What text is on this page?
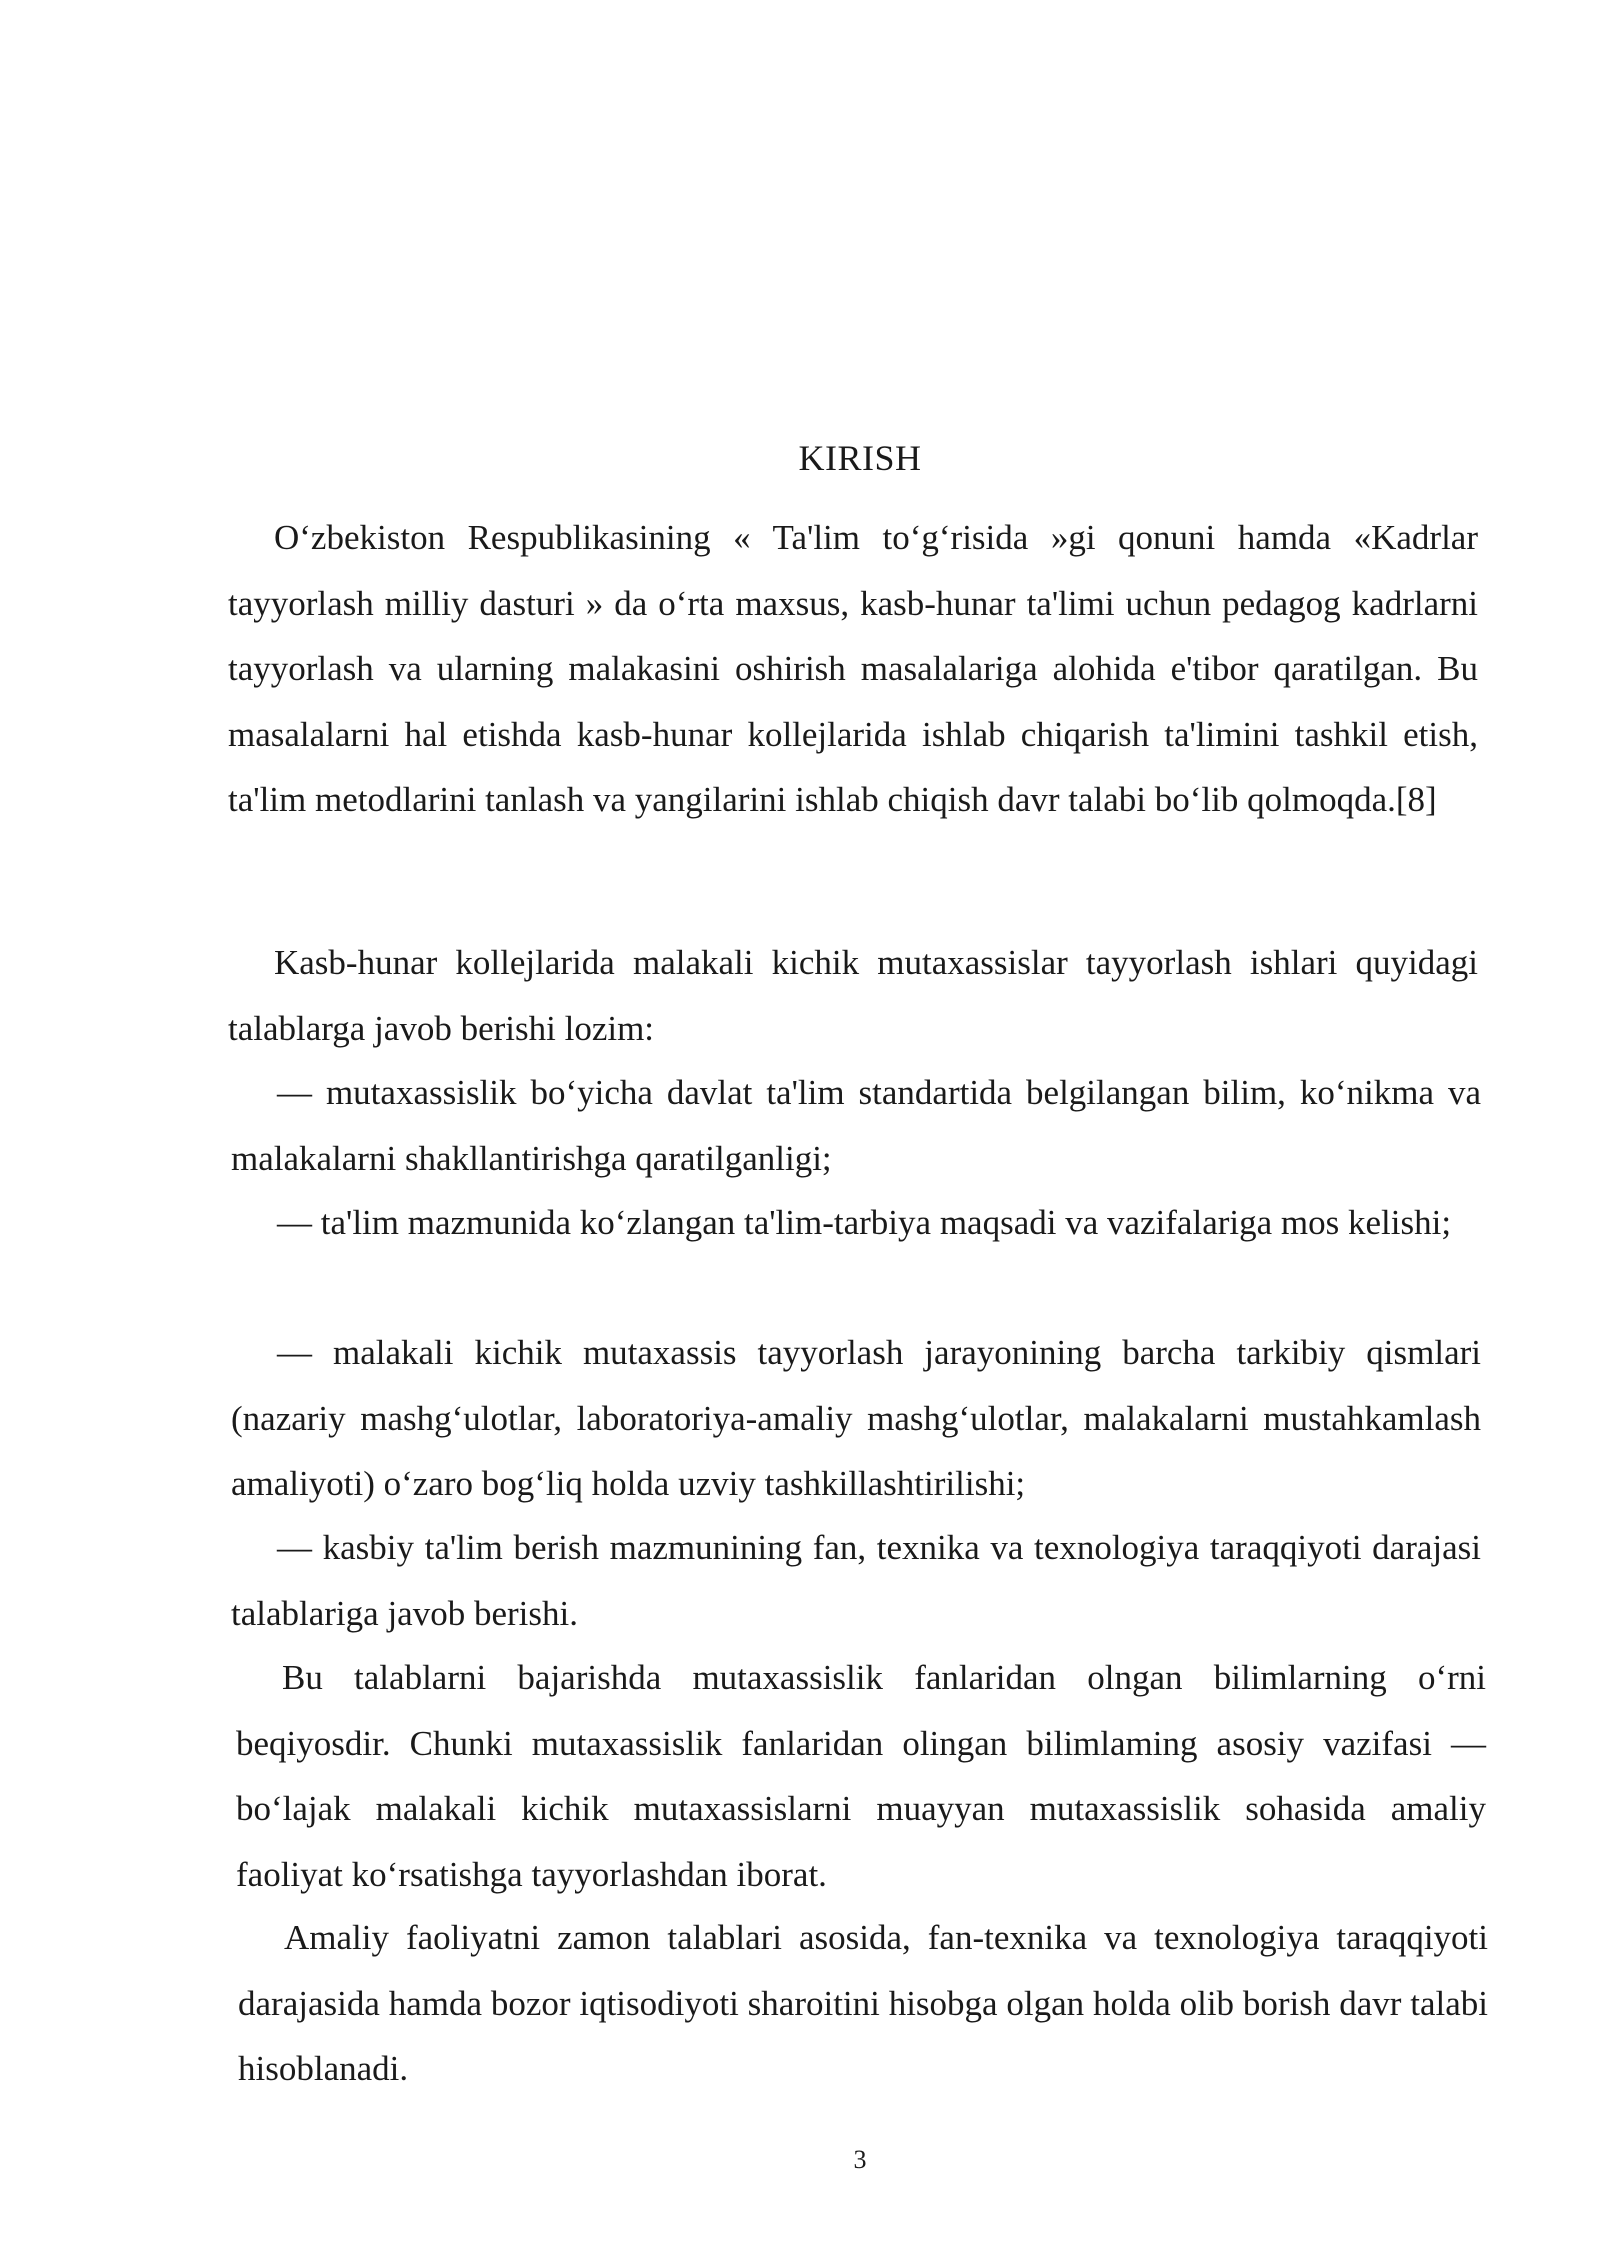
KIRISH

O‘zbekiston Respublikasining « Ta'lim to‘g‘risida »gi qonuni hamda «Kadrlar tayyorlash milliy dasturi » da o‘rta maxsus, kasb-hunar ta'limi uchun pedagog kadrlarni tayyorlash va ularning malakasini oshirish masalalariga alohida e'tibor qaratilgan. Bu masalalarni hal etishda kasb-hunar kollejlarida ishlab chiqarish ta'limini tashkil etish, ta'lim metodlarini tanlash va yangilarini ishlab chiqish davr talabi bo‘lib qolmoqda.[8]

Kasb-hunar kollejlarida malakali kichik mutaxassislar tayyorlash ishlari quyidagi talablarga javob berishi lozim:

— mutaxassislik bo‘yicha davlat ta'lim standartida belgilangan bilim, ko‘nikma va malakalarni shakllantirishga qaratilganligi;

— ta'lim mazmunida ko‘zlangan ta'lim-tarbiya maqsadi va vazifalariga mos kelishi;

— malakali kichik mutaxassis tayyorlash jarayonining barcha tarkibiy qismlari (nazariy mashg‘ulotlar, laboratoriya-amaliy mashg‘ulotlar, malakalarni mustahkamlash amaliyoti) o‘zaro bog‘liq holda uzviy tashkillashtirilishi;

— kasbiy ta'lim berish mazmunining fan, texnika va texnologiya taraqqiyoti darajasi talablariga javob berishi.

Bu talablarni bajarishda mutaxassislik fanlaridan olngan bilimlarning o‘rni beqiyosdir. Chunki mutaxassislik fanlaridan olingan bilimlaming asosiy vazifasi — bo‘lajak malakali kichik mutaxassislarni muayyan mutaxassislik sohasida amaliy faoliyat ko‘rsatishga tayyorlashdan iborat.

Amaliy faoliyatni zamon talablari asosida, fan-texnika va texnologiya taraqqiyoti darajasida hamda bozor iqtisodiyoti sharoitini hisobga olgan holda olib borish davr talabi hisoblanadi.

3
